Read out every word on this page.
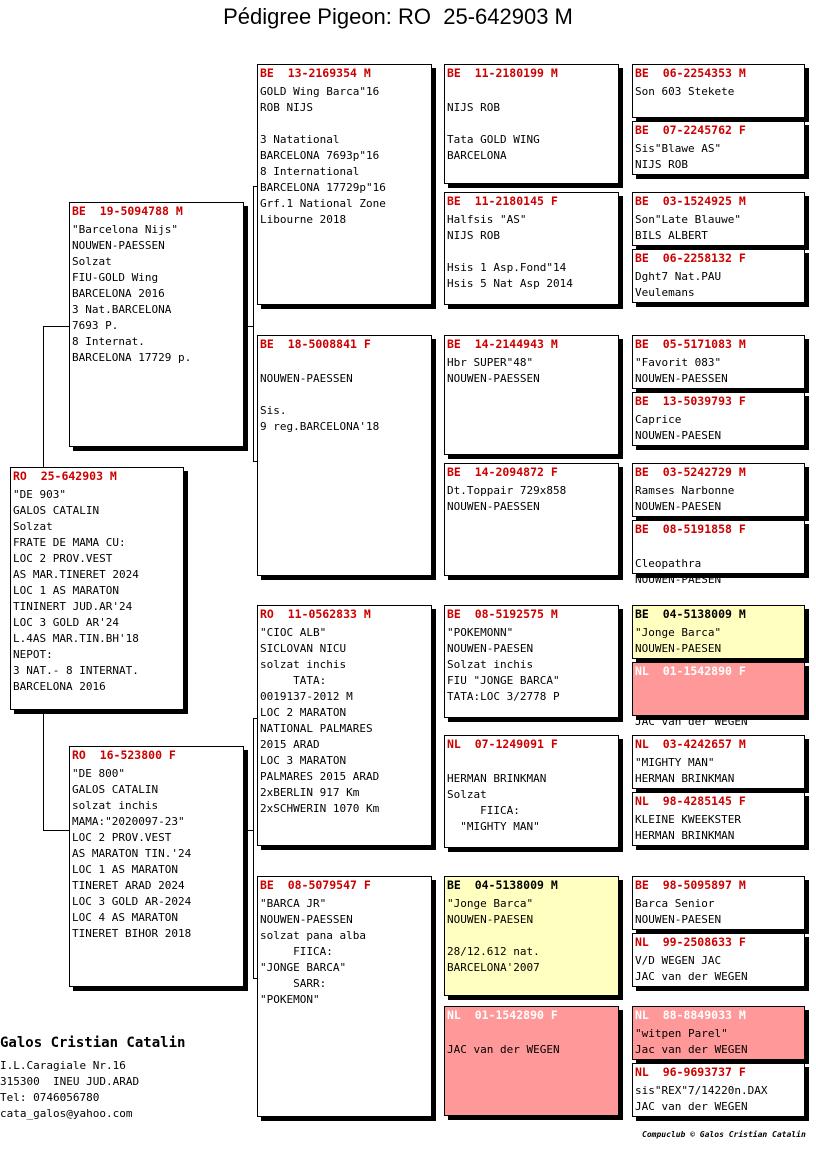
Pédigree Pigeon: RO  25-642903 M
RO  25-642903 M
"DE 903"
GALOS CATALIN
Solzat
FRATE DE MAMA CU:
LOC 2 PROV.VEST
AS MAR.TINERET 2024
LOC 1 AS MARATON
TININERT JUD.AR'24
LOC 3 GOLD AR'24
L.4AS MAR.TIN.BH'18
NEPOT:
3 NAT.- 8 INTERNAT.
BARCELONA 2016
BE  19-5094788 M
"Barcelona Nijs"
NOUWEN-PAESSEN
Solzat
FIU-GOLD Wing
BARCELONA 2016
3 Nat.BARCELONA
7693 P.
8 Internat.
BARCELONA 17729 p.
RO  16-523800 F
"DE 800"
GALOS CATALIN
solzat inchis
MAMA:"2020097-23"
LOC 2 PROV.VEST
AS MARATON TIN.'24
LOC 1 AS MARATON
TINERET ARAD 2024
LOC 3 GOLD AR-2024
LOC 4 AS MARATON
TINERET BIHOR 2018
BE  13-2169354 M
GOLD Wing Barca"16
ROB NIJS
3 Natational
BARCELONA 7693p"16
8 International
BARCELONA 17729p"16
Grf.1 National Zone
Libourne 2018
BE  18-5008841 F
NOUWEN-PAESSEN
Sis.
9 reg.BARCELONA'18
RO  11-0562833 M
"CIOC ALB"
SICLOVAN NICU
solzat inchis
TATA:
0019137-2012 M
LOC 2 MARATON
NATIONAL PALMARES
2015 ARAD
LOC 3 MARATON
PALMARES 2015 ARAD
2xBERLIN 917 Km
2xSCHWERIN 1070 Km
BE  08-5079547 F
"BARCA JR"
NOUWEN-PAESSEN
solzat pana alba
FIICA:
"JONGE BARCA"
SARR:
"POKEMON"
BE  11-2180199 M
NIJS ROB
Tata GOLD WING
BARCELONA
BE  11-2180145 F
Halfsis "AS"
NIJS ROB
Hsis 1 Asp.Fond"14
Hsis 5 Nat Asp 2014
BE  14-2144943 M
Hbr SUPER"48"
NOUWEN-PAESSEN
BE  14-2094872 F
Dt.Toppair 729x858
NOUWEN-PAESSEN
BE  08-5192575 M
"POKEMONN"
NOUWEN-PAESEN
Solzat inchis
FIU "JONGE BARCA"
TATA:LOC 3/2778 P
NL  07-1249091 F
HERMAN BRINKMAN
Solzat
FIICA:
"MIGHTY MAN"
BE  04-5138009 M
"Jonge Barca"
NOUWEN-PAESEN
28/12.612 nat.
BARCELONA'2007
NL  01-1542890 F
JAC van der WEGEN
BE  06-2254353 M
Son 603 Stekete
BE  07-2245762 F
Sis"Blawe AS"
NIJS ROB
BE  03-1524925 M
Son"Late Blauwe"
BILS ALBERT
BE  06-2258132 F
Dght7 Nat.PAU
Veulemans
BE  05-5171083 M
"Favorit 083"
NOUWEN-PAESSEN
BE  13-5039793 F
Caprice
NOUWEN-PAESEN
BE  03-5242729 M
Ramses Narbonne
NOUWEN-PAESEN
BE  08-5191858 F
Cleopathra
NOUWEN-PAESEN
BE  04-5138009 M
"Jonge Barca"
NOUWEN-PAESEN
NL  01-1542890 F
JAC van der WEGEN
NL  03-4242657 M
"MIGHTY MAN"
HERMAN BRINKMAN
NL  98-4285145 F
KLEINE KWEEKSTER
HERMAN BRINKMAN
BE  98-5095897 M
Barca Senior
NOUWEN-PAESEN
NL  99-2508633 F
V/D WEGEN JAC
JAC van der WEGEN
NL  88-8849033 M
"witpen Parel"
Jac van der WEGEN
NL  96-9693737 F
sis"REX"7/14220n.DAX
JAC van der WEGEN
Galos Cristian Catalin
I.L.Caragiale Nr.16
315300  INEU JUD.ARAD
Tel: 0746056780
cata_galos@yahoo.com
Compuclub © Galos Cristian Catalin
